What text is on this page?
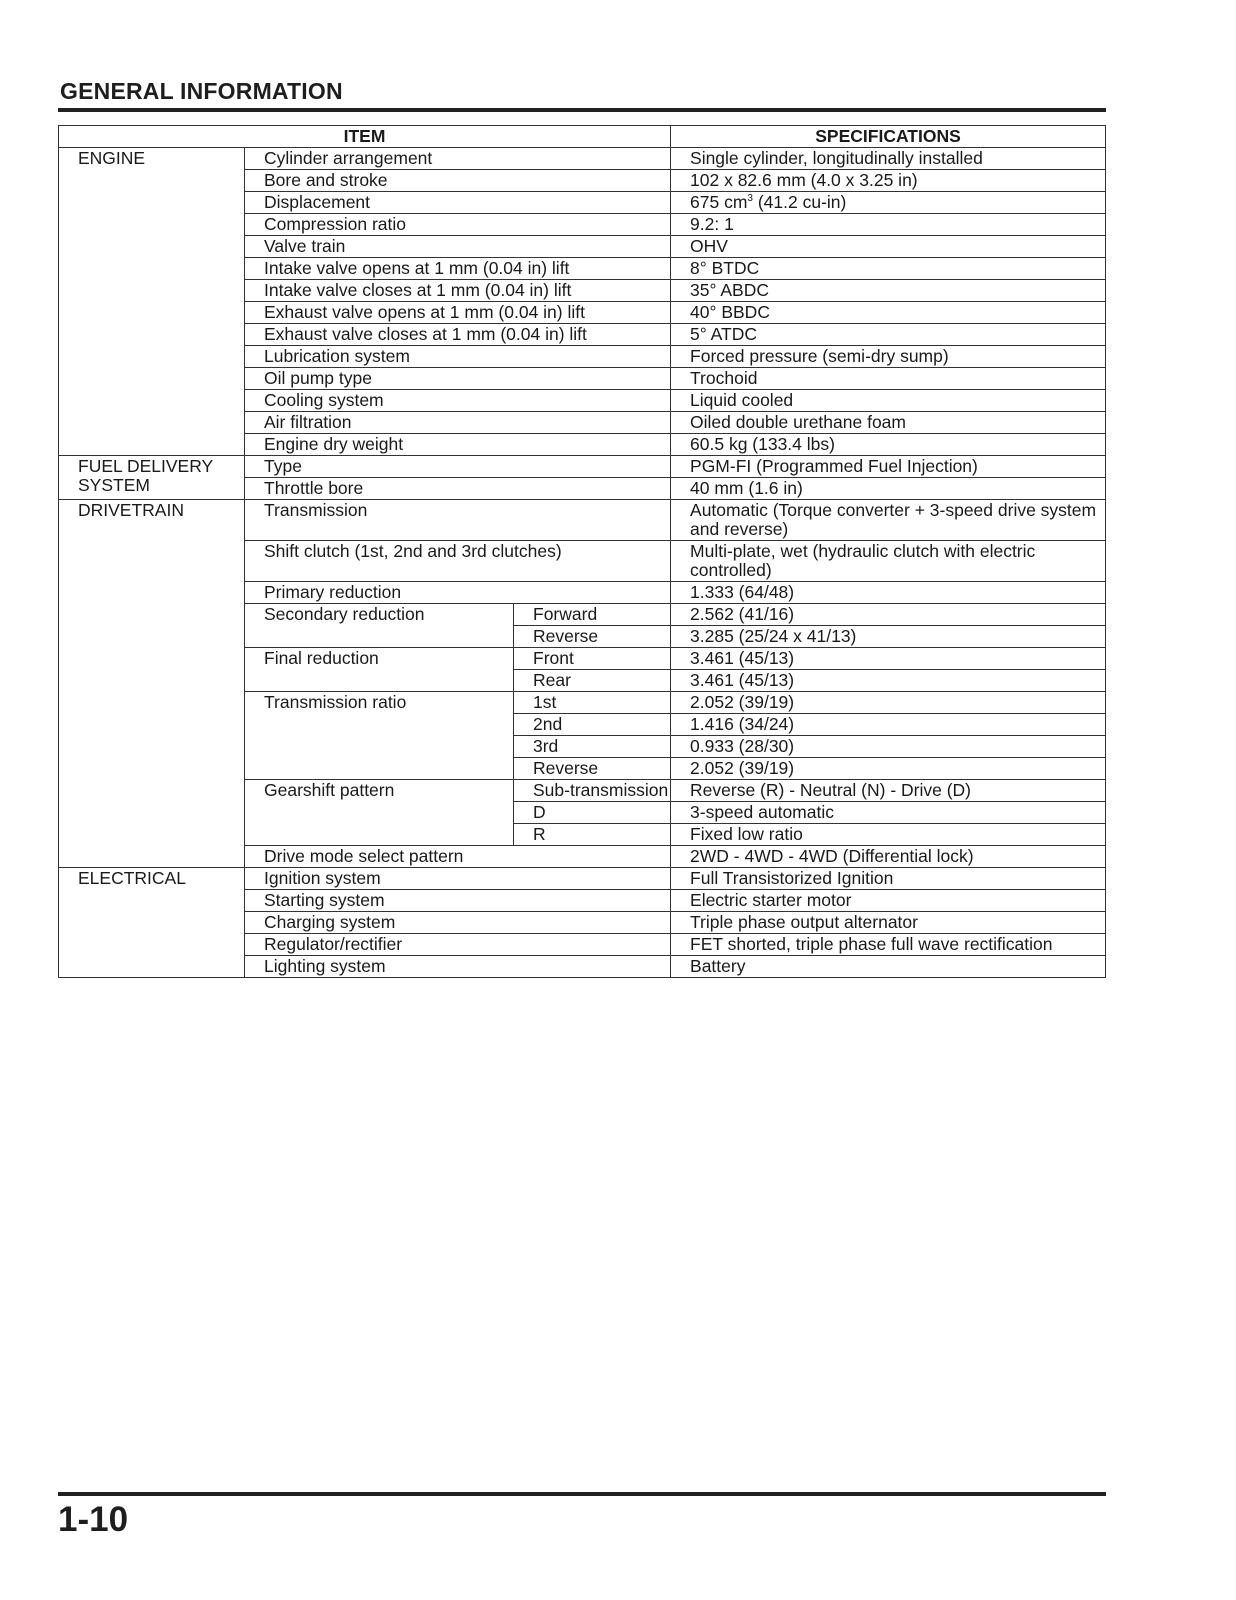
GENERAL INFORMATION
ITEM			SPECIFICATIONS
ENGINE	Cylinder arrangement		Single cylinder, longitudinally installed
	Bore and stroke		102 x 82.6 mm (4.0 x 3.25 in)
	Displacement		675 $cm^3$ (41.2 cu-in)
	Compression ratio		9.2: 1
	Valve train		OHV
	Intake valve opens at 1 mm (0.04 in) lift		8° BTDC
	Intake valve closes at 1 mm (0.04 in) lift		35° ABDC
	Exhaust valve opens at 1 mm (0.04 in) lift		40° BBDC
	Exhaust valve closes at 1 mm (0.04 in) lift		5° ATDC
	Lubrication system		Forced pressure (semi-dry sump)
	Oil pump type		Trochoid
	Cooling system		Liquid cooled
	Air filtration		Oiled double urethane foam
	Engine dry weight		60.5 kg (133.4 lbs)
FUEL DELIVERY SYSTEM	Type		PGM-FI (Programmed Fuel Injection)
	Throttle bore		40 mm (1.6 in)
DRIVETRAIN	Transmission		Automatic (Torque converter + 3-speed drive system and reverse)
	Shift clutch (1st, 2nd and 3rd clutches)		Multi-plate, wet (hydraulic clutch with electric controlled)
	Primary reduction		1.333 (64/48)
	Secondary reduction	Forward	2.562 (41/16)
		Reverse	3.285 (25/24 x 41/13)
	Final reduction	Front	3.461 (45/13)
		Rear	3.461 (45/13)
	Transmission ratio	1st	2.052 (39/19)
		2nd	1.416 (34/24)
		3rd	0.933 (28/30)
		Reverse	2.052 (39/19)
	Gearshift pattern	Sub-transmission	Reverse (R) - Neutral (N) - Drive (D)
		D	3-speed automatic
		R	Fixed low ratio
	Drive mode select pattern		2WD - 4WD - 4WD (Differential lock)
ELECTRICAL	Ignition system		Full Transistorized Ignition
	Starting system		Electric starter motor
	Charging system		Triple phase output alternator
	Regulator/rectifier		FET shorted, triple phase full wave rectification
	Lighting system		Battery
1-10
